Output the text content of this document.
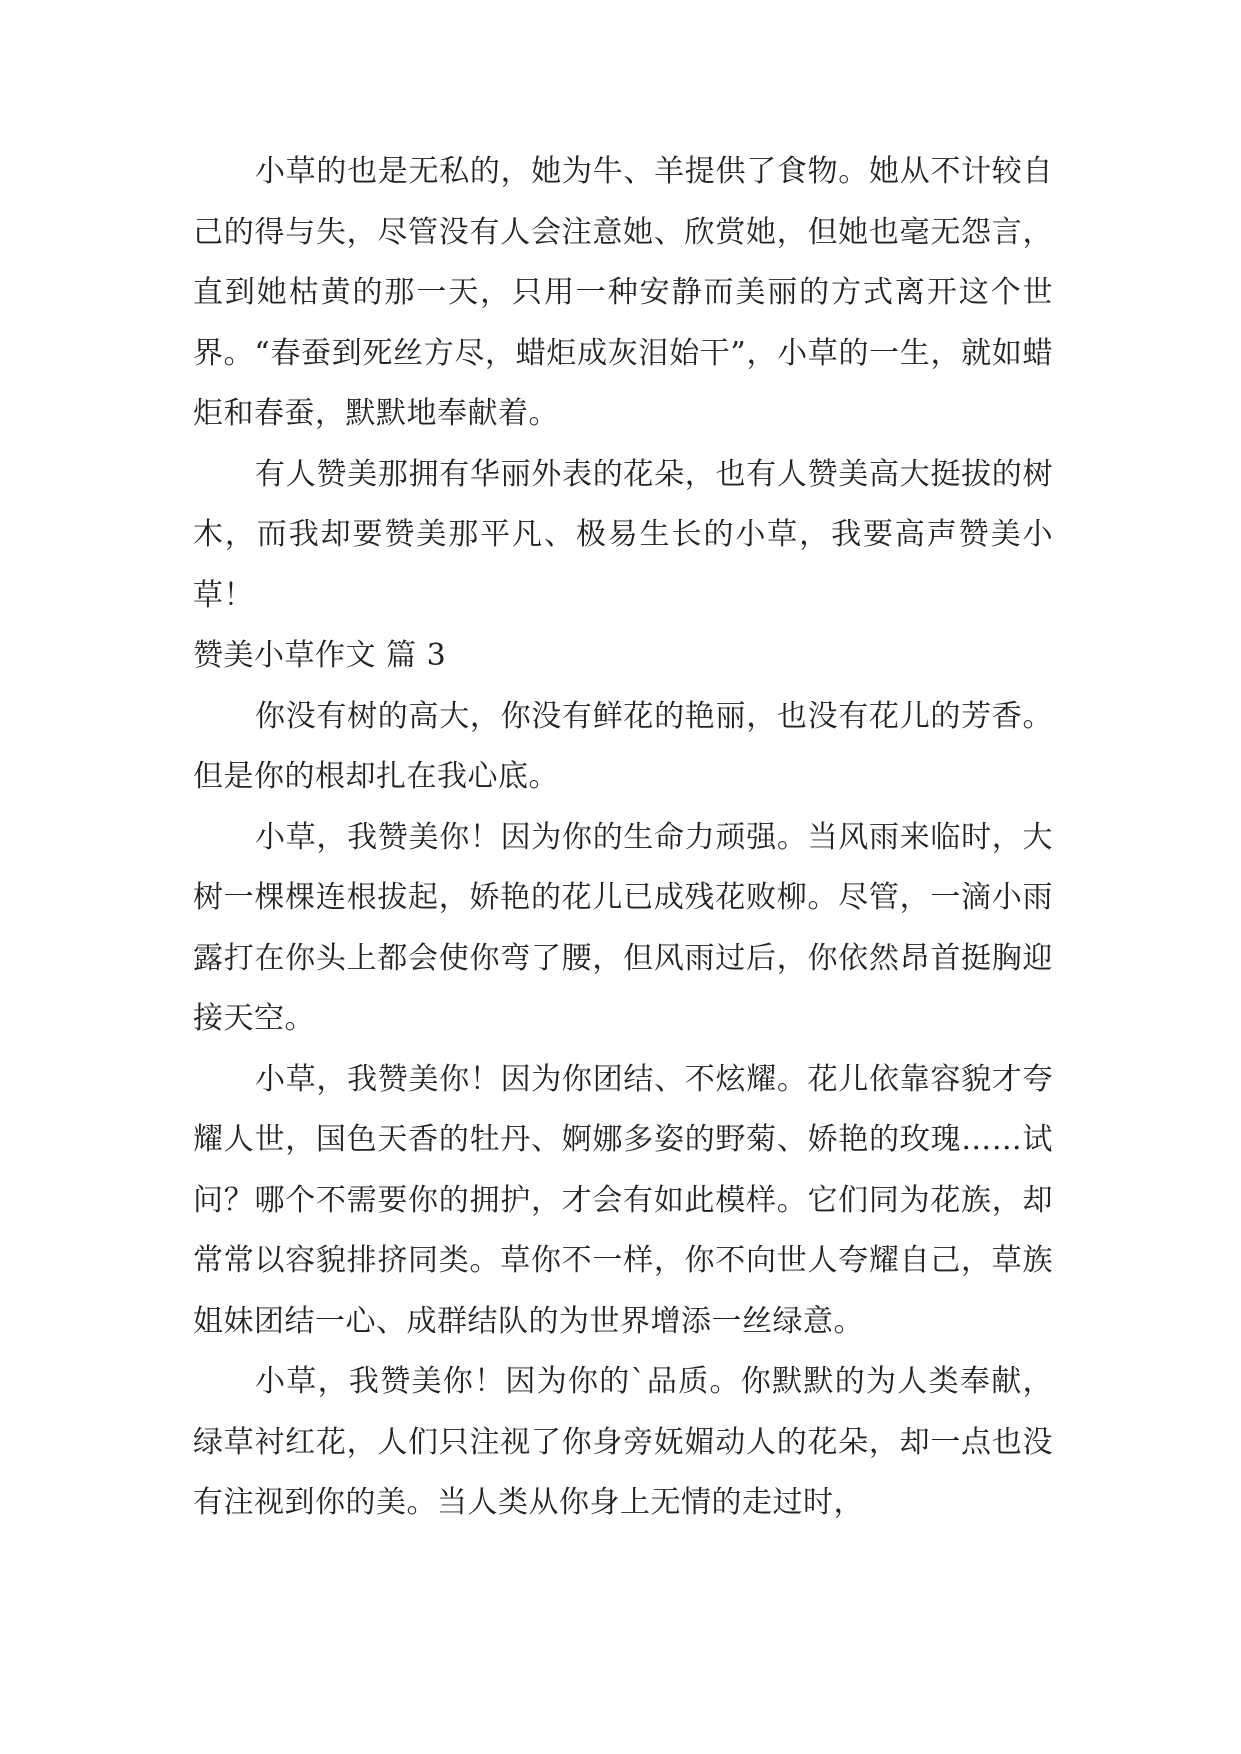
小草的也是无私的，她为牛、羊提供了食物。她从不计较自己的得与失，尽管没有人会注意她、欣赏她，但她也毫无怨言，直到她枯黄的那一天，只用一种安静而美丽的方式离开这个世界。“春蚕到死丝方尽，蜡炬成灰泪始干”，小草的一生，就如蜡炬和春蚕，默默地奉献着。

有人赞美那拥有华丽外表的花朵，也有人赞美高大挺拔的树木，而我却要赞美那平凡、极易生长的小草，我要高声赞美小草！

赞美小草作文 篇 3

你没有树的高大，你没有鲜花的艳丽，也没有花儿的芳香。但是你的根却扎在我心底。

小草，我赞美你！因为你的生命力顽强。当风雨来临时，大树一棵棵连根拔起，娇艳的花儿已成残花败柳。尽管，一滴小雨露打在你头上都会使你弯了腰，但风雨过后，你依然昂首挺胸迎接天空。

小草，我赞美你！因为你团结、不炫耀。花儿依靠容貌才夸耀人世，国色天香的牡丹、婀娜多姿的野菊、娇艳的玫瑰……试问？哪个不需要你的拥护，才会有如此模样。它们同为花族，却常常以容貌排挤同类。草你不一样，你不向世人夸耀自己，草族姐妹团结一心、成群结队的为世界增添一丝绿意。

小草，我赞美你！因为你的`品质。你默默的为人类奉献，绿草衬红花，人们只注视了你身旁妩媚动人的花朵，却一点也没有注视到你的美。当人类从你身上无情的走过时，
